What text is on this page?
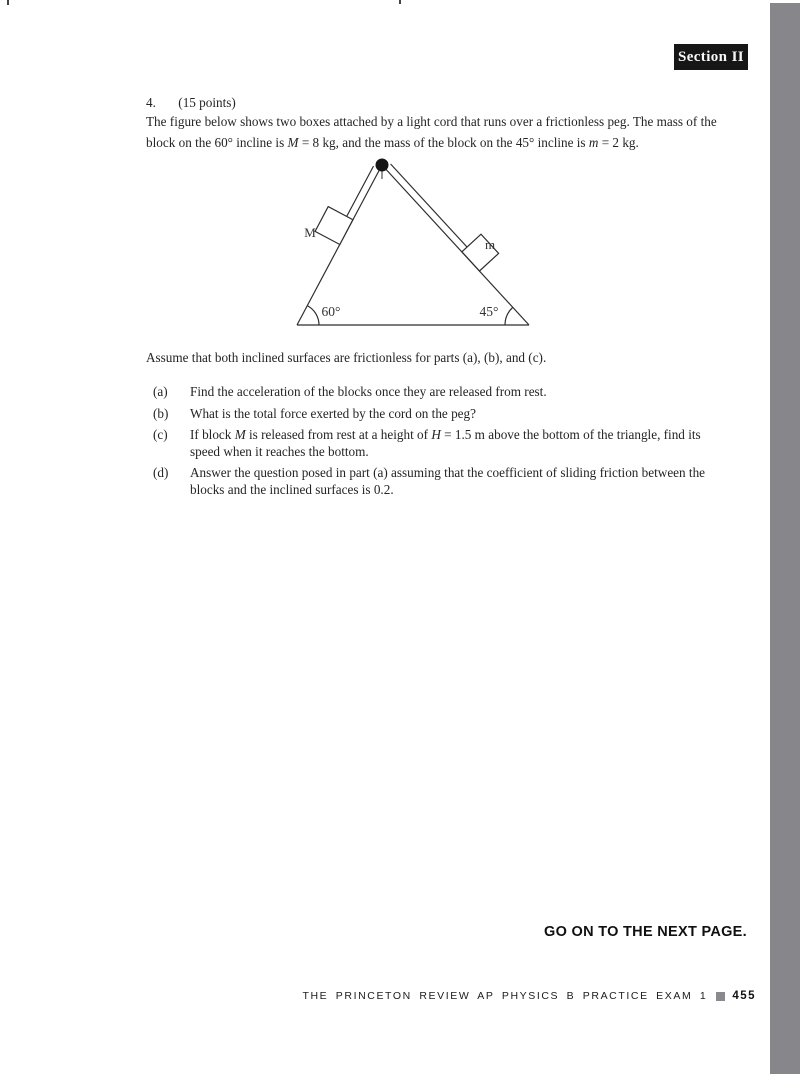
Section II
4. (15 points)
The figure below shows two boxes attached by a light cord that runs over a frictionless peg. The mass of the
block on the 60° incline is M = 8 kg, and the mass of the block on the 45° incline is m = 2 kg.
M
m
60°	45°
Assume that both inclined surfaces are frictionless for parts (a), (b), and (c).
(a)	Find the acceleration of the blocks once they are released from rest.
(b)	What is the total force exerted by the cord on the peg?
(c)	If block M is released from rest at a height of H = 1.5 m above the bottom of the triangle, find its
speed when it reaches the bottom.
(d)	Answer the question posed in part (a) assuming that the coefficient of sliding friction between the
blocks and the inclined surfaces is 0.2.
GO ON TO THE NEXT PAGE.
THE PRINCETON REVIEW AP PHYSICS B PRACTICE EXAM 1 455
